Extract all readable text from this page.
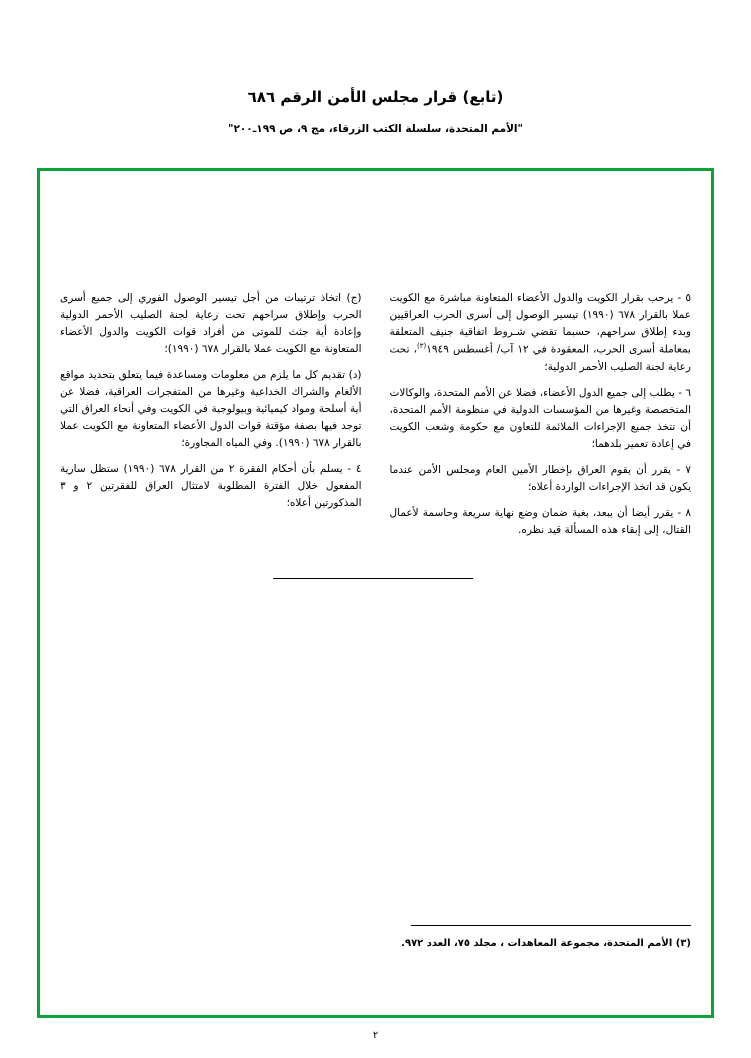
(تابع) قرار مجلس الأمن الرقم ٦٨٦
"الأمم المتحدة، سلسلة الكتب الزرقاء، مج ٩، ص ١٩٩ـ٢٠٠"
٥ - يرحب بقرار الكويت والدول الأعضاء المتعاونة مباشرة مع الكويت عملا بالقرار ٦٧٨ (١٩٩٠) تيسير الوصول إلى أسرى الحرب العراقيين وبدء إطلاق سراحهم، حسبما تقضي شـروط اتفاقية جنيف المتعلقة بمعاملة أسرى الحرب، المعقودة في ١٢ آب/ أغسطس ١٩٤٩$^{(٣)}$، تحت رعاية لجنة الصليب الأحمر الدولية؛
٦ - يطلب إلى جميع الدول الأعضاء، فضلا عن الأمم المتحدة، والوكالات المتخصصة وغيرها من المؤسسات الدولية في منظومة الأمم المتحدة، أن تتخذ جميع الإجراءات الملائمة للتعاون مع حكومة وشعب الكويت في إعادة تعمير بلدهما؛
٧ - يقرر أن يقوم العراق بإخطار الأمين العام ومجلس الأمن عندما يكون قد اتخذ الإجراءات الواردة أعلاه؛
٨ - يقرر أيضا أن يبعد، بغية ضمان وضع نهاية سريعة وحاسمة لأعمال القتال، إلى إبقاء هذه المسألة قيد نظره.
(ج) اتخاذ ترتيبات من أجل تيسير الوصول الفوري إلى جميع أسرى الحرب وإطلاق سراحهم تحت رعاية لجنة الصليب الأحمر الدولية وإعادة أية جثث للموتى من أفراد قوات الكويت والدول الأعضاء المتعاونة مع الكويت عملا بالقرار ٦٧٨ (١٩٩٠)؛
(د) تقديم كل ما يلزم من معلومات ومساعدة فيما يتعلق بتحديد مواقع الألغام والشراك الخداعية وغيرها من المتفجرات العراقية، فضلا عن أية أسلحة ومواد كيميائية وبيولوجية في الكويت وفي أنحاء العراق التي توجد فيها بصفة مؤقتة قوات الدول الأعضاء المتعاونة مع الكويت عملا بالقرار ٦٧٨ (١٩٩٠). وفي المياه المجاورة؛
٤ - يسلم بأن أحكام الفقرة ٢ من القرار ٦٧٨ (١٩٩٠) ستظل سارية المفعول خلال الفترة المطلوبة لامتثال العراق للفقرتين ٢ و ٣ المذكورتين أعلاه؛
(٣) الأمم المتحدة، مجموعة المعاهدات ، مجلد ٧٥، العدد ٩٧٢.
٢
